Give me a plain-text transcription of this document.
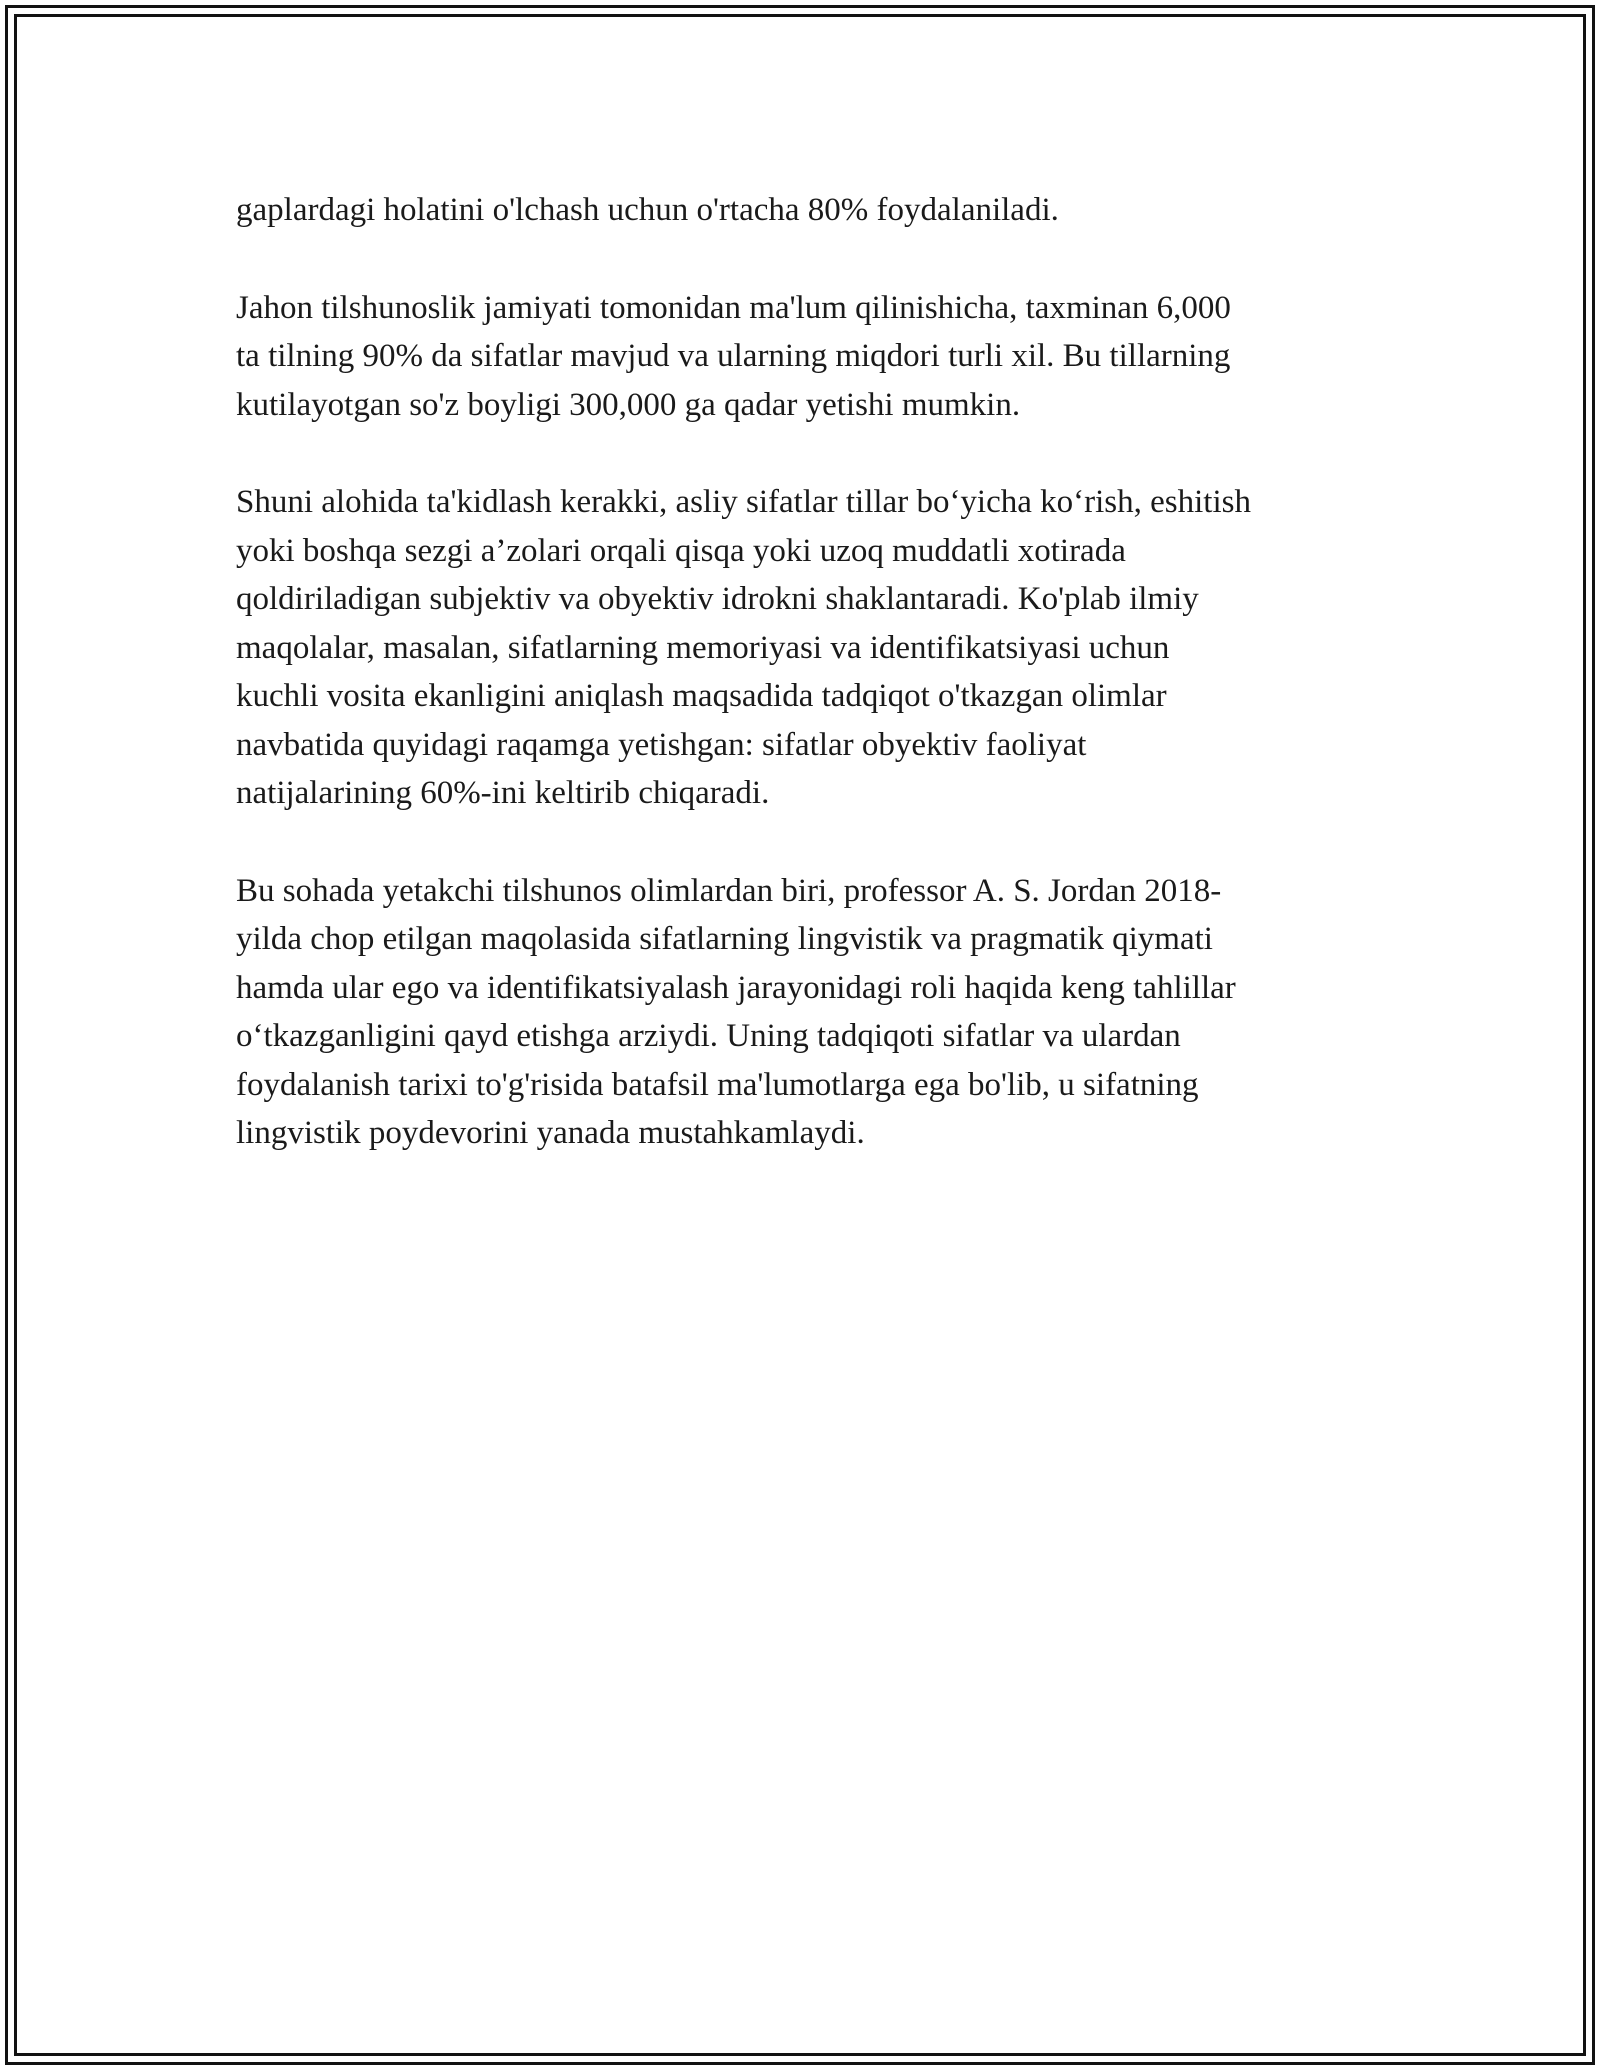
gaplardagi holatini o'lchash uchun o'rtacha 80% foydalaniladi.

Jahon tilshunoslik jamiyati tomonidan ma'lum qilinishicha, taxminan 6,000
ta tilning 90% da sifatlar mavjud va ularning miqdori turli xil. Bu tillarning
kutilayotgan so'z boyligi 300,000 ga qadar yetishi mumkin.

Shuni alohida ta'kidlash kerakki, asliy sifatlar tillar bo‘yicha ko‘rish, eshitish
yoki boshqa sezgi a’zolari orqali qisqa yoki uzoq muddatli xotirada
qoldiriladigan subjektiv va obyektiv idrokni shaklantaradi. Ko'plab ilmiy
maqolalar, masalan, sifatlarning memoriyasi va identifikatsiyasi uchun
kuchli vosita ekanligini aniqlash maqsadida tadqiqot o'tkazgan olimlar
navbatida quyidagi raqamga yetishgan: sifatlar obyektiv faoliyat
natijalarining 60%-ini keltirib chiqaradi.

Bu sohada yetakchi tilshunos olimlardan biri, professor A. S. Jordan 2018-
yilda chop etilgan maqolasida sifatlarning lingvistik va pragmatik qiymati
hamda ular ego va identifikatsiyalash jarayonidagi roli haqida keng tahlillar
o‘tkazganligini qayd etishga arziydi. Uning tadqiqoti sifatlar va ulardan
foydalanish tarixi to'g'risida batafsil ma'lumotlarga ega bo'lib, u sifatning
lingvistik poydevorini yanada mustahkamlaydi.
